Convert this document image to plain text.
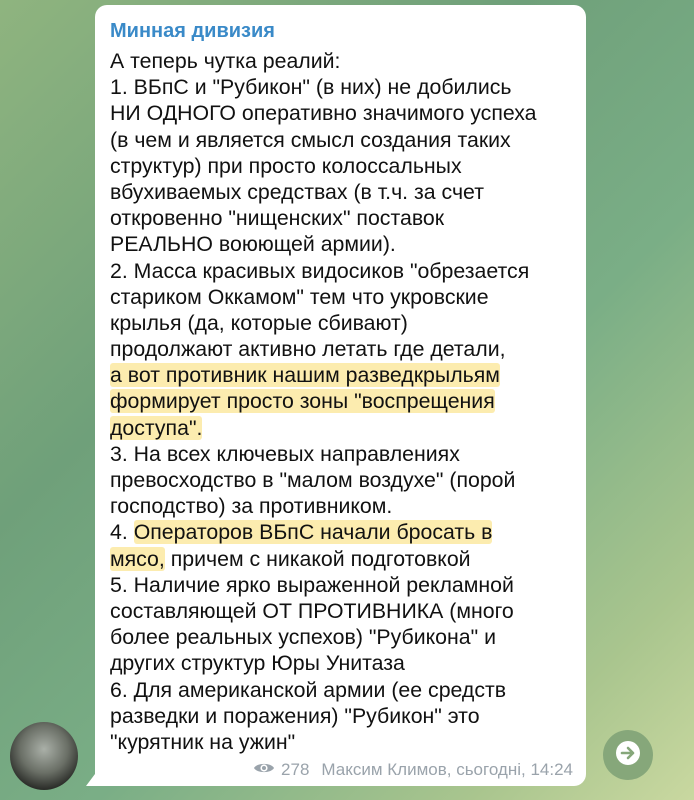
Минная дивизия
А теперь чутка реалий:
1. ВБпС и "Рубикон" (в них) не добились
НИ ОДНОГО оперативно значимого успеха
(в чем и является смысл создания таких
структур) при просто колоссальных
вбухиваемых средствах (в т.ч. за счет
откровенно "нищенских" поставок
РЕАЛЬНО воюющей армии).
2. Масса красивых видосиков "обрезается
стариком Оккамом" тем что укровские
крылья (да, которые сбивают)
продолжают активно летать где детали,
а вот противник нашим разведкрыльям
формирует просто зоны "воспрещения
доступа".
3. На всех ключевых направлениях
превосходство в "малом воздухе" (порой
господство) за противником.
4. Операторов ВБпС начали бросать в
мясо, причем с никакой подготовкой
5. Наличие ярко выраженной рекламной
составляющей ОТ ПРОТИВНИКА (много
более реальных успехов) "Рубикона" и
других структур Юры Унитаза
6. Для американской армии (ее средств
разведки и поражения) "Рубикон" это
"курятник на ужин"
278 Максим Климов, сьогодні, 14:24
